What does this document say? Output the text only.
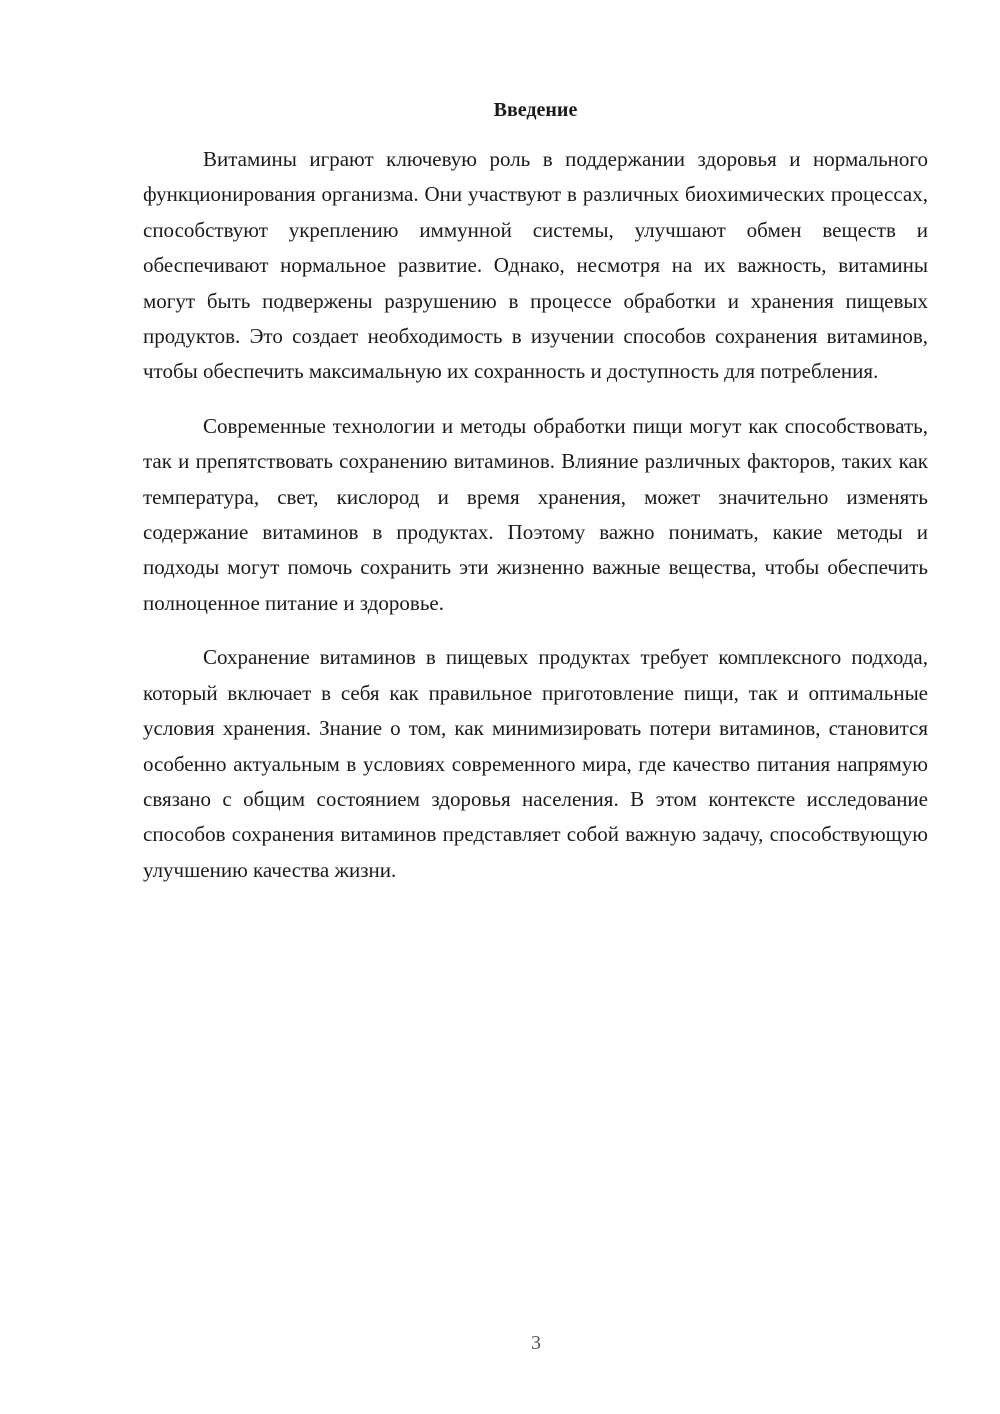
Введение

Витамины играют ключевую роль в поддержании здоровья и нормального функционирования организма. Они участвуют в различных биохимических процессах, способствуют укреплению иммунной системы, улучшают обмен веществ и обеспечивают нормальное развитие. Однако, несмотря на их важность, витамины могут быть подвержены разрушению в процессе обработки и хранения пищевых продуктов. Это создает необходимость в изучении способов сохранения витаминов, чтобы обеспечить максимальную их сохранность и доступность для потребления.

Современные технологии и методы обработки пищи могут как способствовать, так и препятствовать сохранению витаминов. Влияние различных факторов, таких как температура, свет, кислород и время хранения, может значительно изменять содержание витаминов в продуктах. Поэтому важно понимать, какие методы и подходы могут помочь сохранить эти жизненно важные вещества, чтобы обеспечить полноценное питание и здоровье.

Сохранение витаминов в пищевых продуктах требует комплексного подхода, который включает в себя как правильное приготовление пищи, так и оптимальные условия хранения. Знание о том, как минимизировать потери витаминов, становится особенно актуальным в условиях современного мира, где качество питания напрямую связано с общим состоянием здоровья населения. В этом контексте исследование способов сохранения витаминов представляет собой важную задачу, способствующую улучшению качества жизни.

3
